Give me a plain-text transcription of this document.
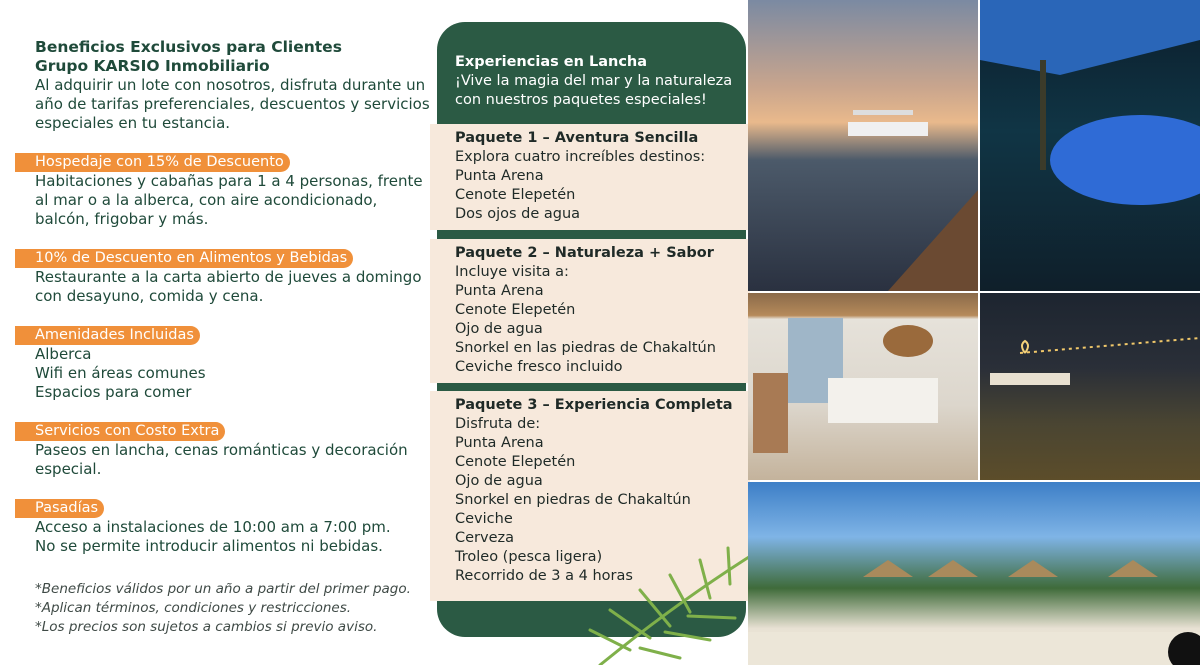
Beneficios Exclusivos para Clientes
Grupo KARSIO Inmobiliario
Al adquirir un lote con nosotros, disfruta durante un año de tarifas preferenciales, descuentos y servicios especiales en tu estancia.
Hospedaje con 15% de Descuento
Habitaciones y cabañas para 1 a 4 personas, frente al mar o a la alberca, con aire acondicionado, balcón, frigobar y más.
10% de Descuento en Alimentos y Bebidas
Restaurante a la carta abierto de jueves a domingo con desayuno, comida y cena.
Amenidades Incluidas
Alberca
Wifi en áreas comunes
Espacios para comer
Servicios con Costo Extra
Paseos en lancha, cenas románticas y decoración especial.
Pasadías
Acceso a instalaciones de 10:00 am a 7:00 pm.
No se permite introducir alimentos ni bebidas.
*Beneficios válidos por un año a partir del primer pago.
*Aplican términos, condiciones y restricciones.
*Los precios son sujetos a cambios si previo aviso.
Experiencias en Lancha
¡Vive la magia del mar y la naturaleza con nuestros paquetes especiales!
Paquete 1 – Aventura Sencilla
Explora cuatro increíbles destinos:
Punta Arena
Cenote Elepetén
Dos ojos de agua
Paquete 2 – Naturaleza + Sabor
Incluye visita a:
Punta Arena
Cenote Elepetén
Ojo de agua
Snorkel en las piedras de Chakaltún
Ceviche fresco incluido
Paquete 3 – Experiencia Completa
Disfruta de:
Punta Arena
Cenote Elepetén
Ojo de agua
Snorkel en piedras de Chakaltún
Ceviche
Cerveza
Troleo (pesca ligera)
Recorrido de 3 a 4 horas
